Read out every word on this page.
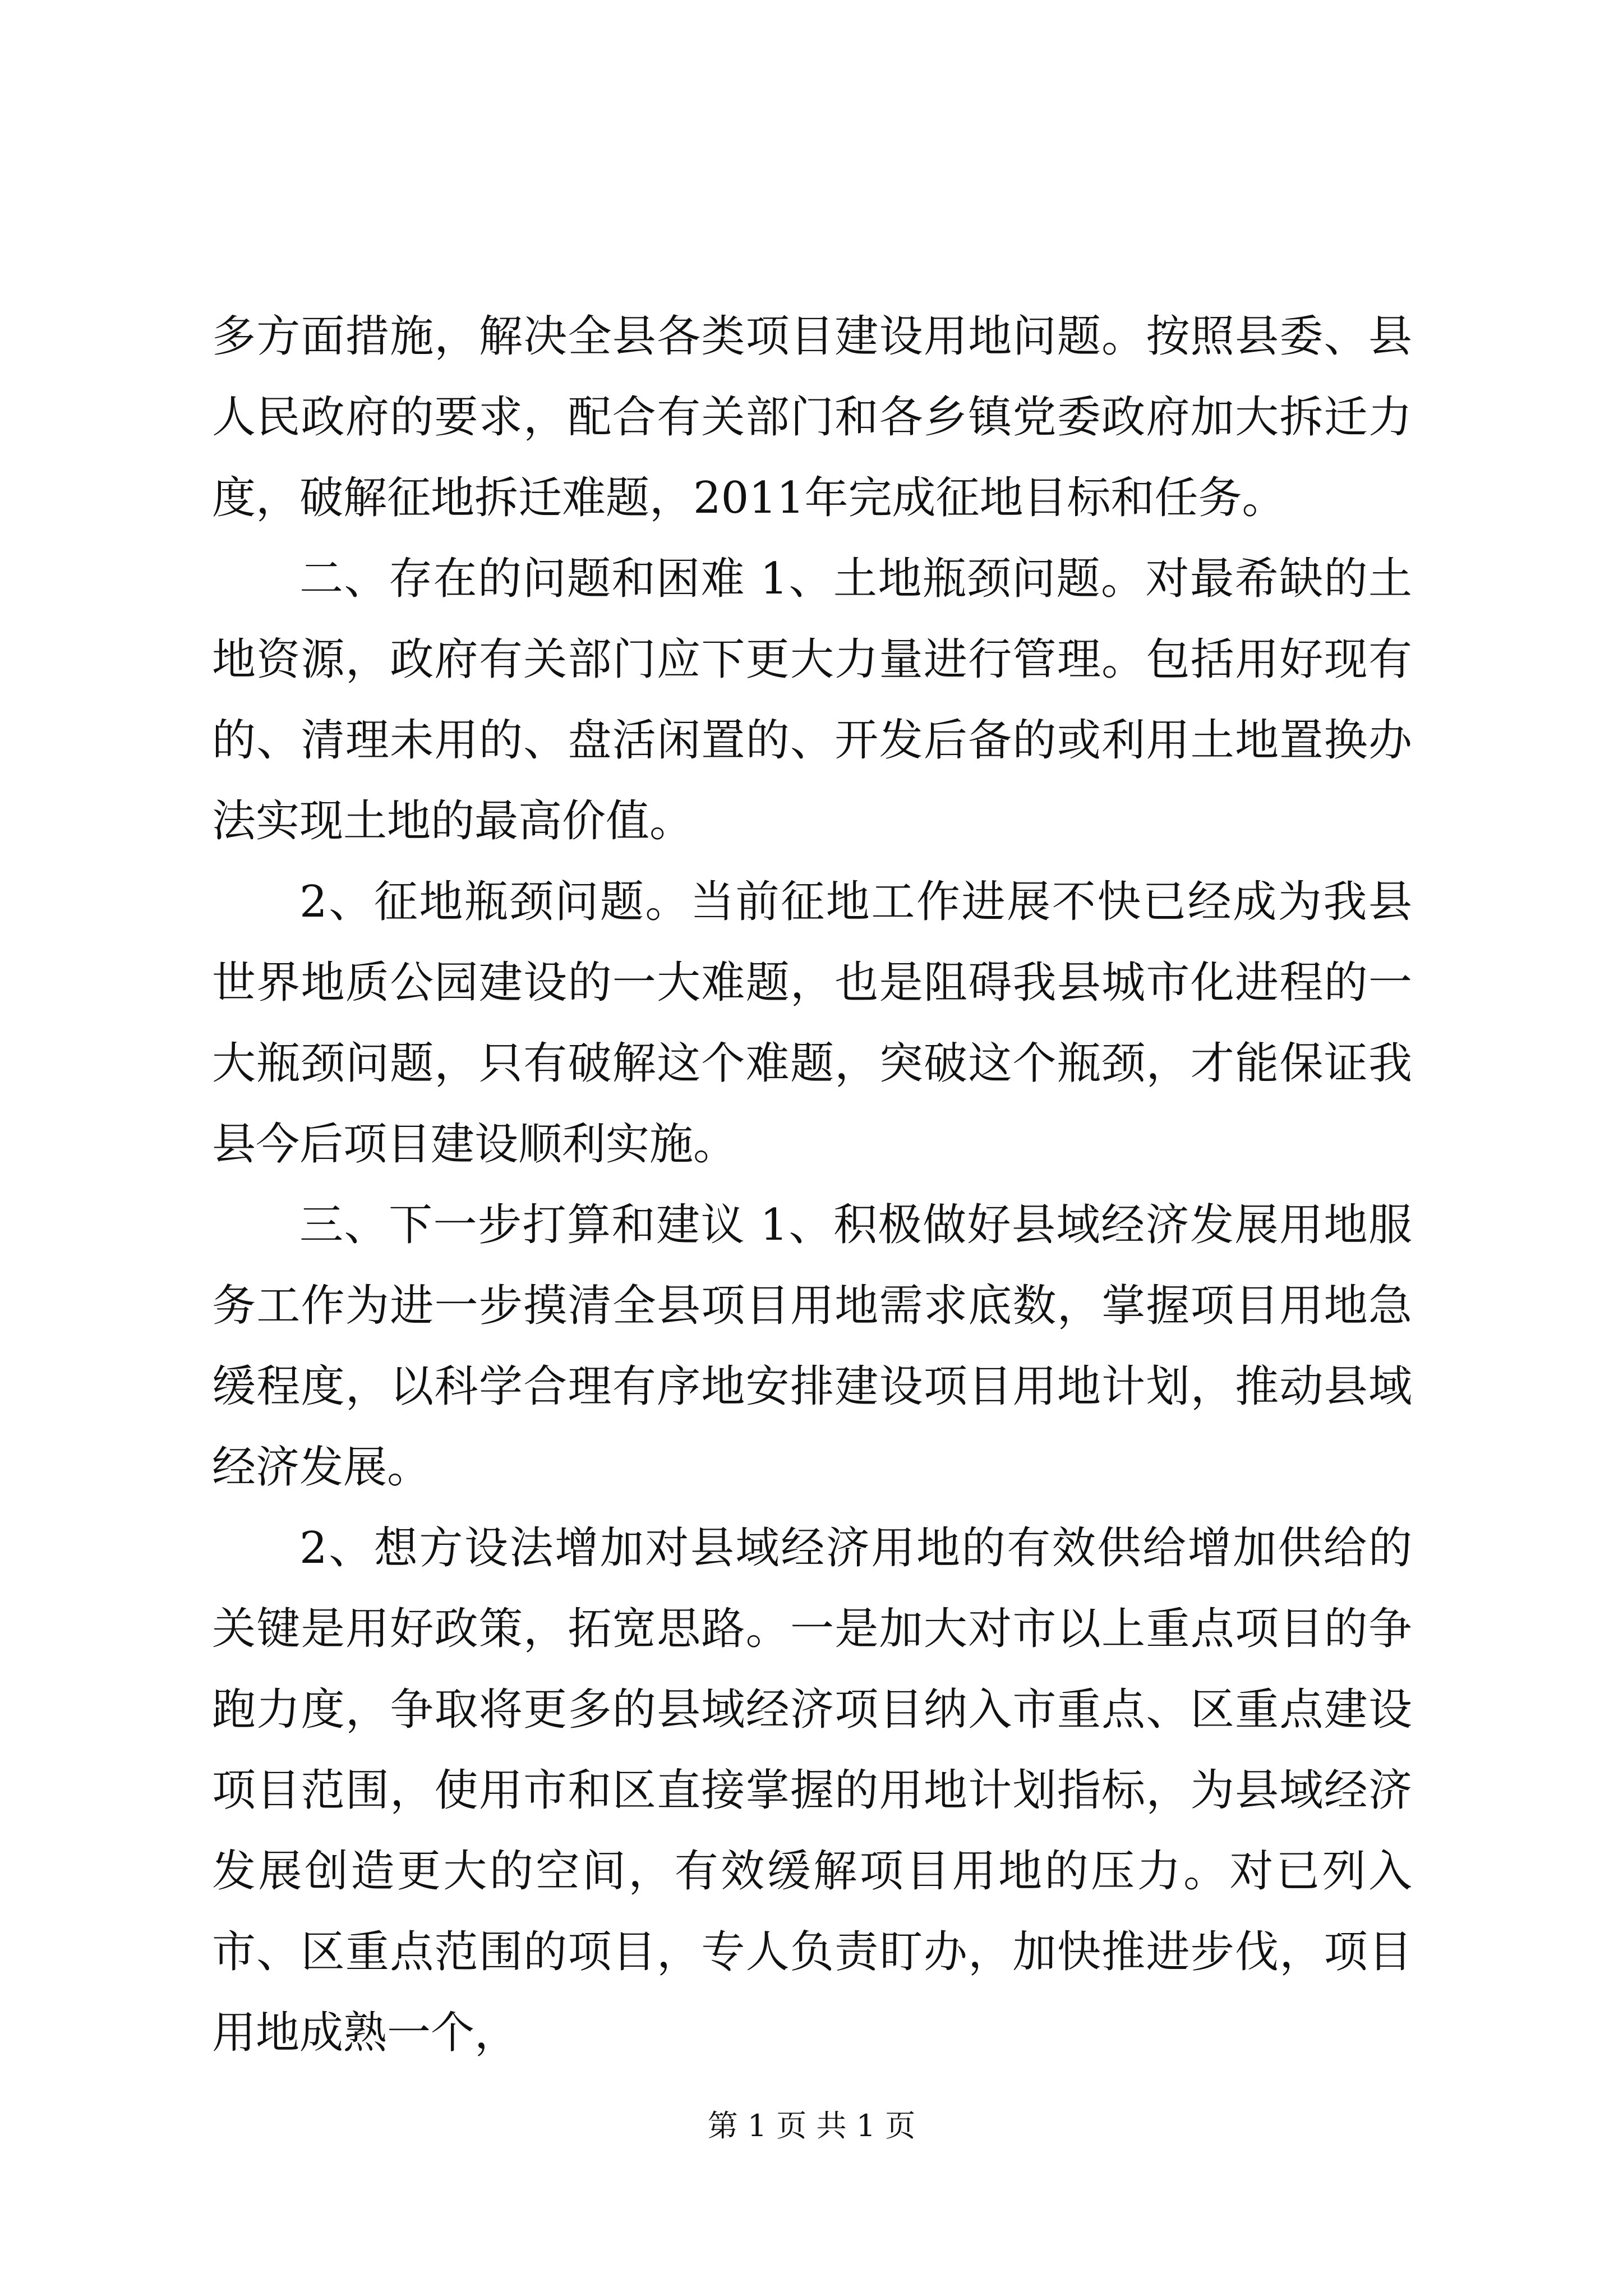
多方面措施，解决全县各类项目建设用地问题。按照县委、县人民政府的要求，配合有关部门和各乡镇党委政府加大拆迁力度，破解征地拆迁难题，2011年完成征地目标和任务。

二、存在的问题和困难 1、土地瓶颈问题。对最希缺的土地资源，政府有关部门应下更大力量进行管理。包括用好现有的、清理未用的、盘活闲置的、开发后备的或利用土地置换办法实现土地的最高价值。

2、征地瓶颈问题。当前征地工作进展不快已经成为我县世界地质公园建设的一大难题，也是阻碍我县城市化进程的一大瓶颈问题，只有破解这个难题，突破这个瓶颈，才能保证我县今后项目建设顺利实施。

三、下一步打算和建议 1、积极做好县域经济发展用地服务工作为进一步摸清全县项目用地需求底数，掌握项目用地急缓程度，以科学合理有序地安排建设项目用地计划，推动县域经济发展。

2、想方设法增加对县域经济用地的有效供给增加供给的关键是用好政策，拓宽思路。一是加大对市以上重点项目的争跑力度，争取将更多的县域经济项目纳入市重点、区重点建设项目范围，使用市和区直接掌握的用地计划指标，为县域经济发展创造更大的空间，有效缓解项目用地的压力。对已列入市、区重点范围的项目，专人负责盯办，加快推进步伐，项目用地成熟一个，

第 1 页 共 1 页
